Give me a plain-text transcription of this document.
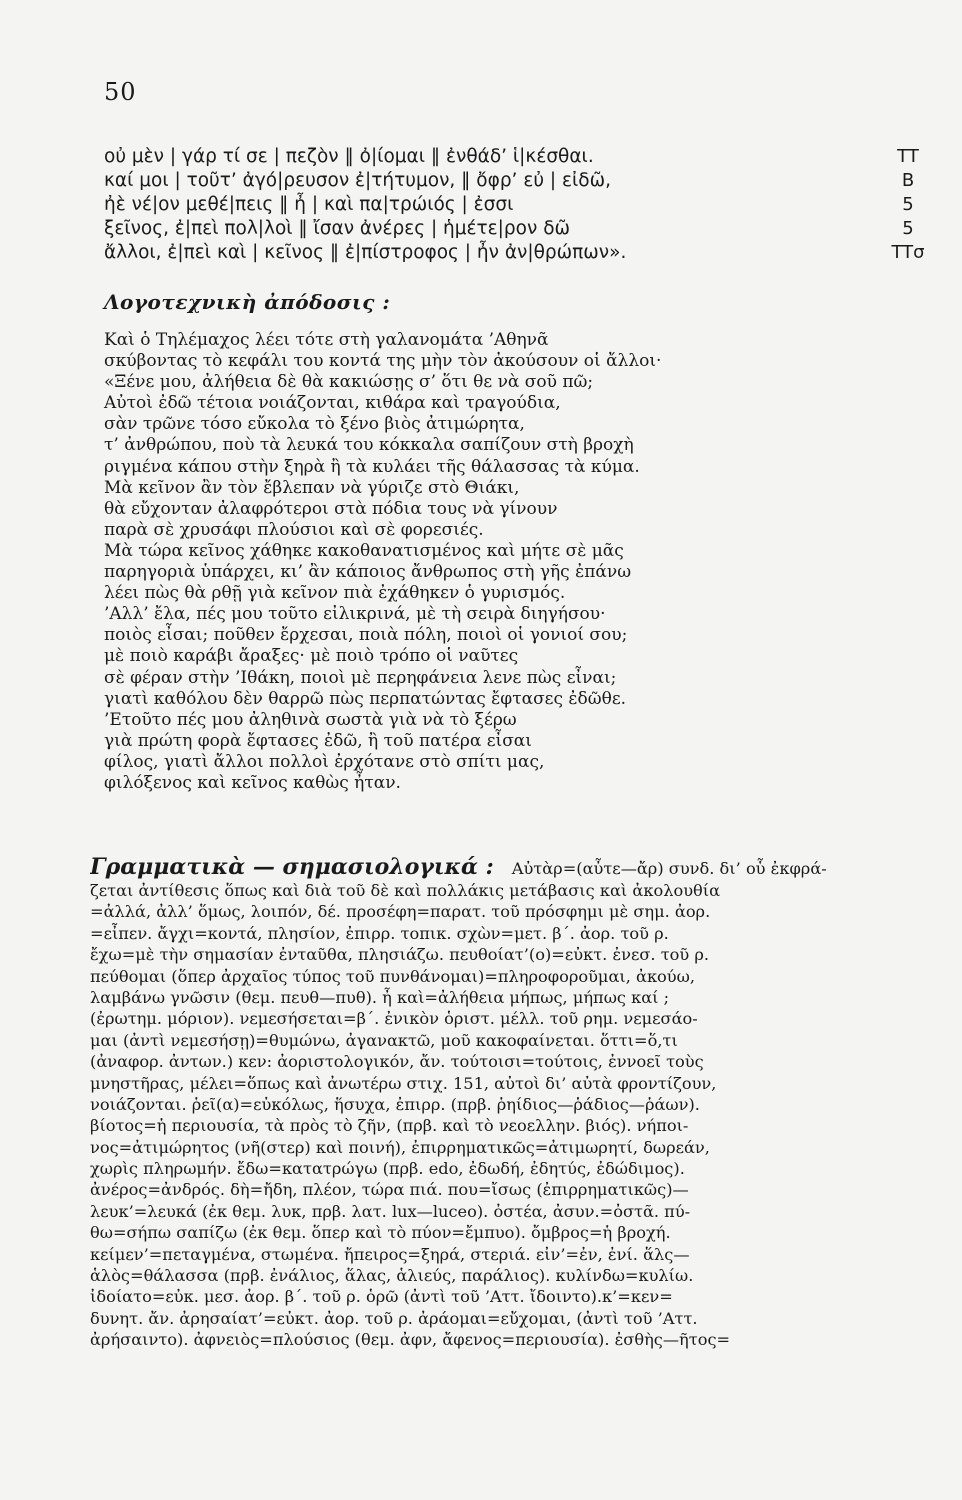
50
οὐ μὲν | γάρ τί σε | πεζὸν ‖ ὀ|ίομαι ‖ ἐνθάδ’ ἱ|κέσθαι.	TT
καί μοι | τοῦτ’ ἀγό|ρευσον ἐ|τήτυμον, ‖ ὄφρ’ εὐ | εἰδῶ,	Β
ἠὲ νέ|ον μεθέ|πεις ‖ ἦ | καὶ πα|τρώιός | ἐσσι	5
ξεῖνος, ἐ|πεὶ πολ|λοὶ ‖ ἴσαν ἀνέρες | ἡμέτε|ρον δῶ	5
ἄλλοι, ἐ|πεὶ καὶ | κεῖνος ‖ ἐ|πίστροφος | ἦν ἀν|θρώπων».	TTσ
Λογοτεχνικὴ ἀπόδοσις :
Καὶ ὁ Τηλέμαχος λέει τότε στὴ γαλανομάτα ’Αθηνᾶ
σκύβοντας τὸ κεφάλι του κοντά της μὴν τὸν ἀκούσουν οἱ ἄλλοι·
«Ξένε μου, ἀλήθεια δὲ θὰ κακιώσῃς σ’ ὅτι θε νὰ σοῦ πῶ;
Αὐτοὶ ἐδῶ τέτοια νοιάζονται, κιθάρα καὶ τραγούδια,
σὰν τρῶνε τόσο εὔκολα τὸ ξένο βιὸς ἀτιμώρητα,
τ’ ἀνθρώπου, ποὺ τὰ λευκά του κόκκαλα σαπίζουν στὴ βροχὴ
ριγμένα κάπου στὴν ξηρὰ ἢ τὰ κυλάει τῆς θάλασσας τὰ κύμα.
Μὰ κεῖνον ἂν τὸν ἔβλεπαν νὰ γύριζε στὸ Θιάκι,
θὰ εὔχονταν ἀλαφρότεροι στὰ πόδια τους νὰ γίνουν
παρὰ σὲ χρυσάφι πλούσιοι καὶ σὲ φορεσιές.
Μὰ τώρα κεῖνος χάθηκε κακοθανατισμένος καὶ μήτε σὲ μᾶς
παρηγοριὰ ὑπάρχει, κι’ ἂν κάποιος ἄνθρωπος στὴ γῆς ἐπάνω
λέει πὼς θὰ ρθῇ γιὰ κεῖνον πιὰ ἐχάθηκεν ὁ γυρισμός.
’Αλλ’ ἔλα, πές μου τοῦτο εἰλικρινά, μὲ τὴ σειρὰ διηγήσου·
ποιὸς εἶσαι; ποῦθεν ἔρχεσαι, ποιὰ πόλη, ποιοὶ οἱ γονιοί σου;
μὲ ποιὸ καράβι ἄραξες· μὲ ποιὸ τρόπο οἱ ναῦτες
σὲ φέραν στὴν ’Ιθάκη, ποιοὶ μὲ περηφάνεια λενε πὼς εἶναι;
γιατὶ καθόλου δὲν θαρρῶ πὼς περπατώντας ἔφτασες ἐδῶθε.
’Ετοῦτο πές μου ἀληθινὰ σωστὰ γιὰ νὰ τὸ ξέρω
γιὰ πρώτη φορὰ ἔφτασες ἐδῶ, ἢ τοῦ πατέρα εἶσαι
φίλος, γιατὶ ἄλλοι πολλοὶ ἐρχότανε στὸ σπίτι μας,
φιλόξενος καὶ κεῖνος καθὼς ἦταν.
Γραμματικὰ — σημασιολογικά : Αὐτὰρ=(αὖτε—ἄρ) συνδ. δι’ οὗ ἐκφρά-
ζεται ἀντίθεσις ὅπως καὶ διὰ τοῦ δὲ καὶ πολλάκις μετάβασις καὶ ἀκολουθία
=ἀλλά, ἀλλ’ ὅμως, λοιπόν, δέ. προσέφη=παρατ. τοῦ πρόσφημι μὲ σημ. ἀορ.
=εἶπεν. ἄγχι=κοντά, πλησίον, ἐπιρρ. τοπικ. σχὼν=μετ. β΄. ἀορ. τοῦ ρ.
ἔχω=μὲ τὴν σημασίαν ἐνταῦθα, πλησιάζω. πευθοίατ’(ο)=εὐκτ. ἐνεσ. τοῦ ρ.
πεύθομαι (ὅπερ ἀρχαῖος τύπος τοῦ πυνθάνομαι)=πληροφοροῦμαι, ἀκούω,
λαμβάνω γνῶσιν (θεμ. πευθ—πυθ). ἦ καὶ=ἀλήθεια μήπως, μήπως καί ;
(ἐρωτημ. μόριον). νεμεσήσεται=β΄. ἐνικὸν ὁριστ. μέλλ. τοῦ ρημ. νεμεσάο-
μαι (ἀντὶ νεμεσήσῃ)=θυμώνω, ἀγανακτῶ, μοῦ κακοφαίνεται. ὅττι=ὅ,τι
(ἀναφορ. ἀντων.) κεν: ἀοριστολογικόν, ἄν. τούτοισι=τούτοις, ἐννοεῖ τοὺς
μνηστῆρας, μέλει=ὅπως καὶ ἀνωτέρω στιχ. 151, αὐτοὶ δι’ αὐτὰ φροντίζουν,
νοιάζονται. ῥεῖ(α)=εὐκόλως, ἥσυχα, ἐπιρρ. (πρβ. ῥηίδιος—ῥάδιος—ῥάων).
βίοτος=ἡ περιουσία, τὰ πρὸς τὸ ζῆν, (πρβ. καὶ τὸ νεοελλην. βιός). νήποι-
νος=ἀτιμώρητος (νῆ(στερ) καὶ ποινή), ἐπιρρηματικῶς=ἀτιμωρητί, δωρεάν,
χωρὶς πληρωμήν. ἔδω=κατατρώγω (πρβ. edo, ἐδωδή, ἐδητύς, ἐδώδιμος).
ἀνέρος=ἀνδρός. δὴ=ἤδη, πλέον, τώρα πιά. που=ἴσως (ἐπιρρηματικῶς)—
λευκ’=λευκά (ἐκ θεμ. λυκ, πρβ. λατ. lux—luceo). ὀστέα, ἀσυν.=ὀστᾶ. πύ-
θω=σήπω σαπίζω (ἐκ θεμ. ὅπερ καὶ τὸ πύον=ἔμπυο). ὄμβρος=ἡ βροχή.
κείμεν’=πεταγμένα, στωμένα. ἤπειρος=ξηρά, στεριά. εἰν’=ἐν, ἐνί. ἅλς—
ἁλὸς=θάλασσα (πρβ. ἐνάλιος, ἅλας, ἁλιεύς, παράλιος). κυλίνδω=κυλίω.
ἰδοίατο=εὐκ. μεσ. ἀορ. β΄. τοῦ ρ. ὁρῶ (ἀντὶ τοῦ ’Αττ. ἴδοιντο).κ’=κεν=
δυνητ. ἄν. ἀρησαίατ’=εὐκτ. ἀορ. τοῦ ρ. ἀράομαι=εὔχομαι, (ἀντὶ τοῦ ’Αττ.
ἀρήσαιντο). ἀφνειὸς=πλούσιος (θεμ. ἀφν, ἄφενος=περιουσία). ἐσθὴς—ῆτος=
